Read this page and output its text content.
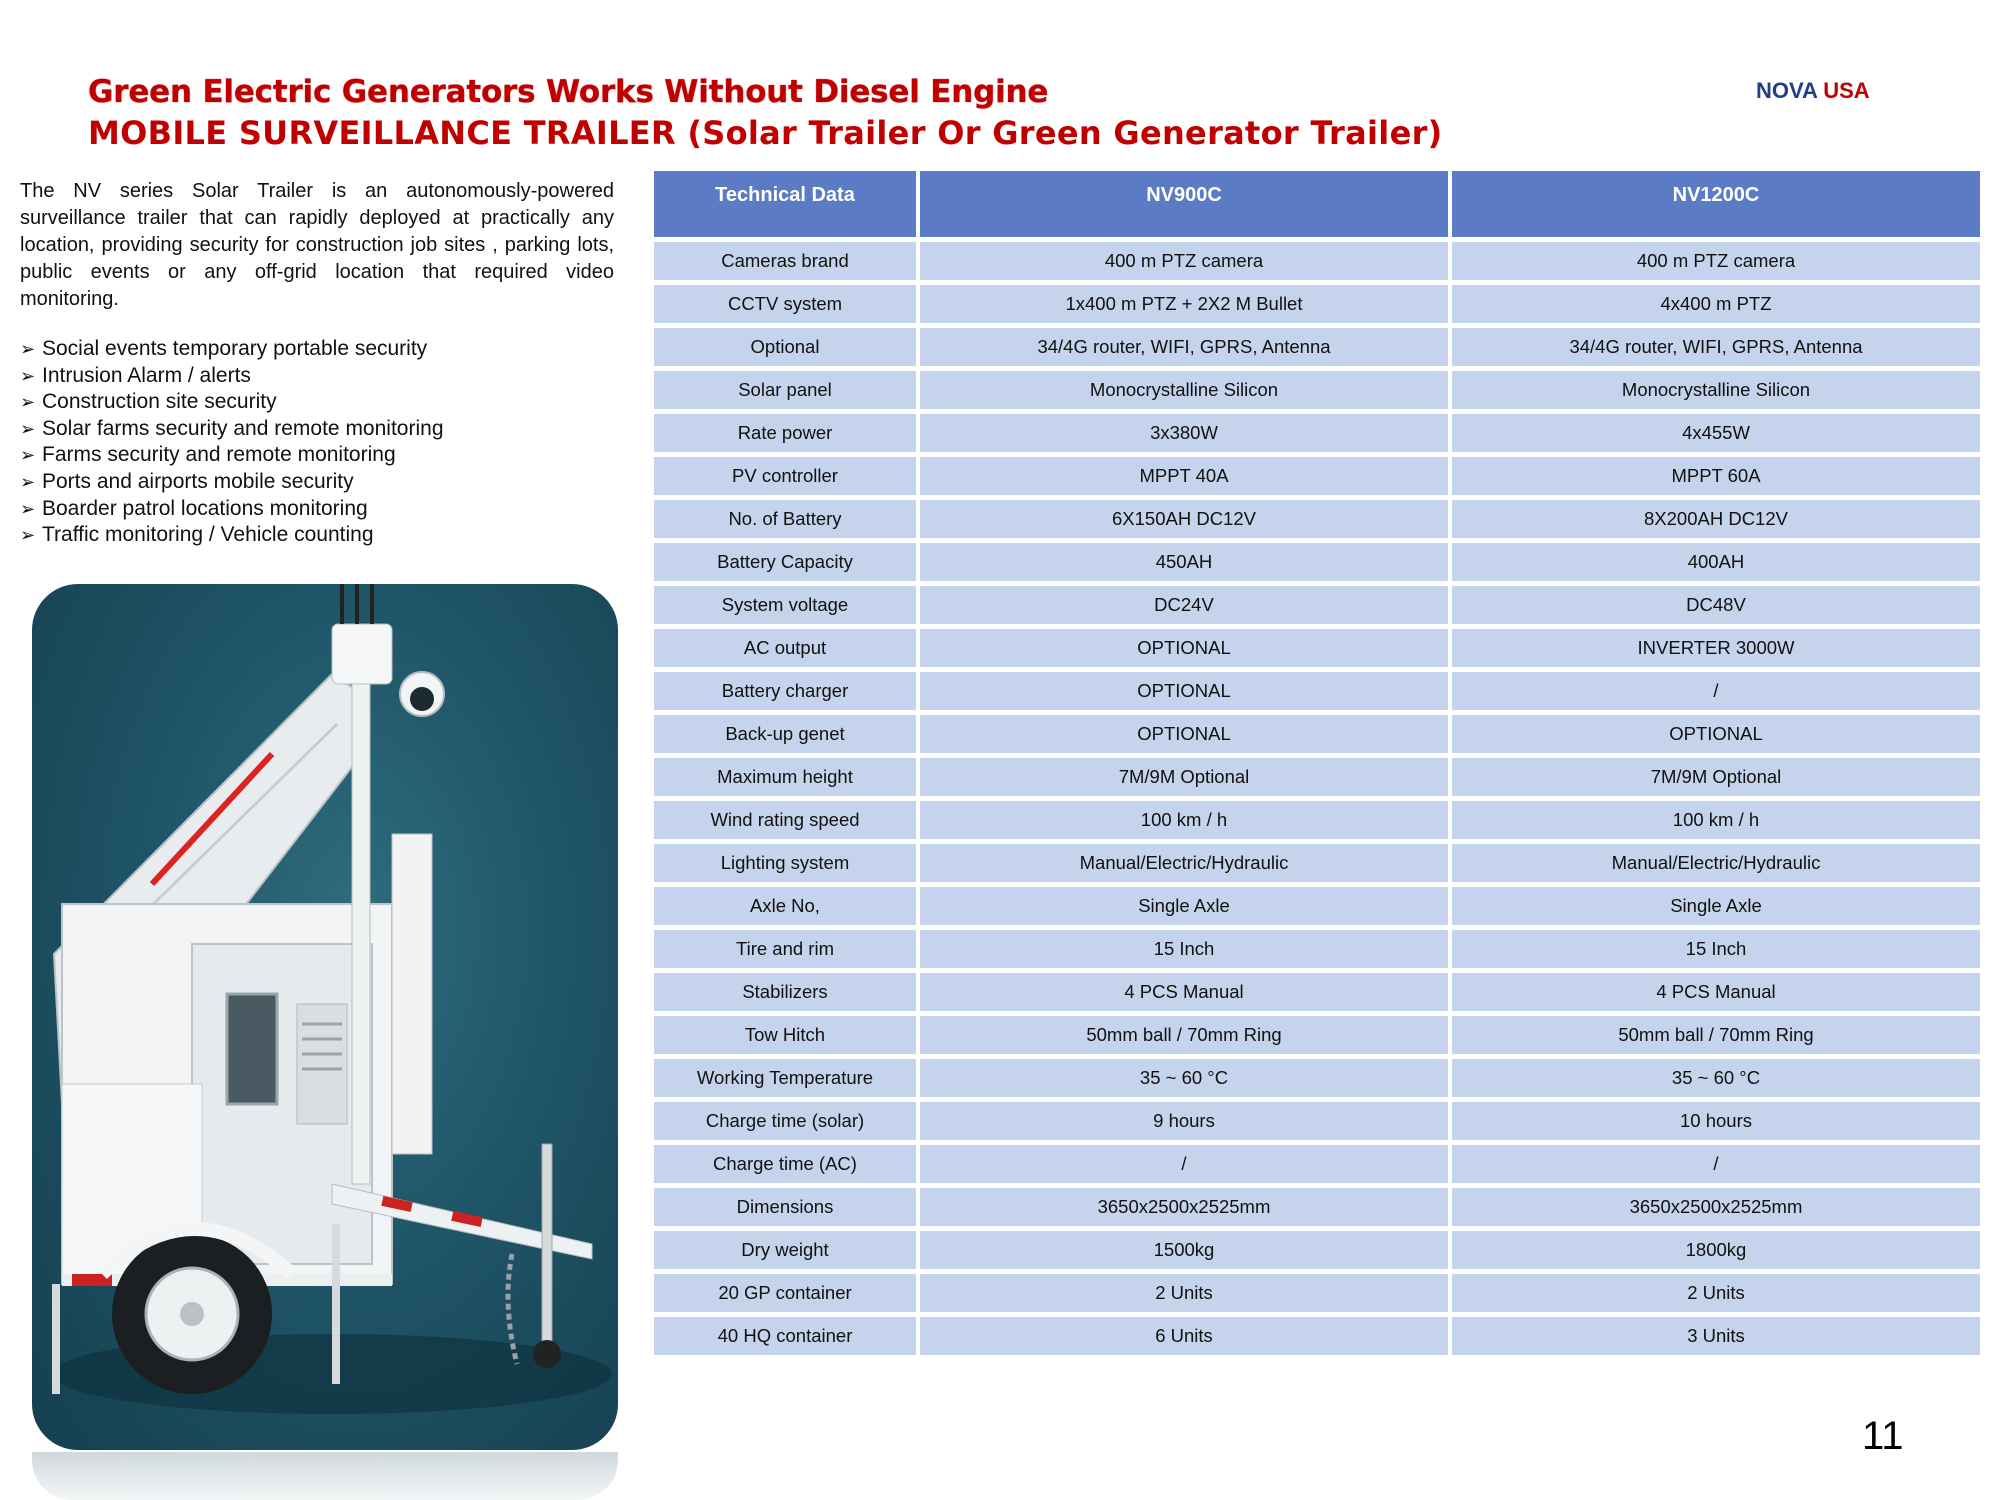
Green Electric Generators Works Without Diesel Engine
MOBILE SURVEILLANCE TRAILER (Solar Trailer Or Green Generator Trailer)
NOVA USA

The NV series Solar Trailer is an autonomously-powered surveillance trailer that can rapidly deployed at practically any location, providing security for construction job sites , parking lots, public events or any off-grid location that required video monitoring.

➢ Social events temporary portable security
➢ Intrusion Alarm / alerts
➢ Construction site security
➢ Solar farms security and remote monitoring
➢ Farms security and remote monitoring
➢ Ports and airports mobile security
➢ Boarder patrol locations monitoring
➢ Traffic monitoring / Vehicle counting
Technical Data	NV900C	NV1200C
Cameras brand	400 m PTZ camera	400 m PTZ camera
CCTV system	1x400 m PTZ + 2X2 M Bullet	4x400 m PTZ
Optional	34/4G router, WIFI, GPRS, Antenna	34/4G router, WIFI, GPRS, Antenna
Solar panel	Monocrystalline Silicon	Monocrystalline Silicon
Rate power	3x380W	4x455W
PV controller	MPPT 40A	MPPT 60A
No. of Battery	6X150AH DC12V	8X200AH DC12V
Battery Capacity	450AH	400AH
System voltage	DC24V	DC48V
AC output	OPTIONAL	INVERTER 3000W
Battery charger	OPTIONAL	/
Back-up genet	OPTIONAL	OPTIONAL
Maximum height	7M/9M Optional	7M/9M Optional
Wind rating speed	100 km / h	100 km / h
Lighting system	Manual/Electric/Hydraulic	Manual/Electric/Hydraulic
Axle No,	Single Axle	Single Axle
Tire and rim	15 Inch	15 Inch
Stabilizers	4 PCS Manual	4 PCS Manual
Tow Hitch	50mm ball / 70mm Ring	50mm ball / 70mm Ring
Working Temperature	35 ~ 60 °C	35 ~ 60 °C
Charge time (solar)	9 hours	10 hours
Charge time (AC)	/	/
Dimensions	3650x2500x2525mm	3650x2500x2525mm
Dry weight	1500kg	1800kg
20 GP container	2 Units	2 Units
40 HQ container	6 Units	3 Units
11
